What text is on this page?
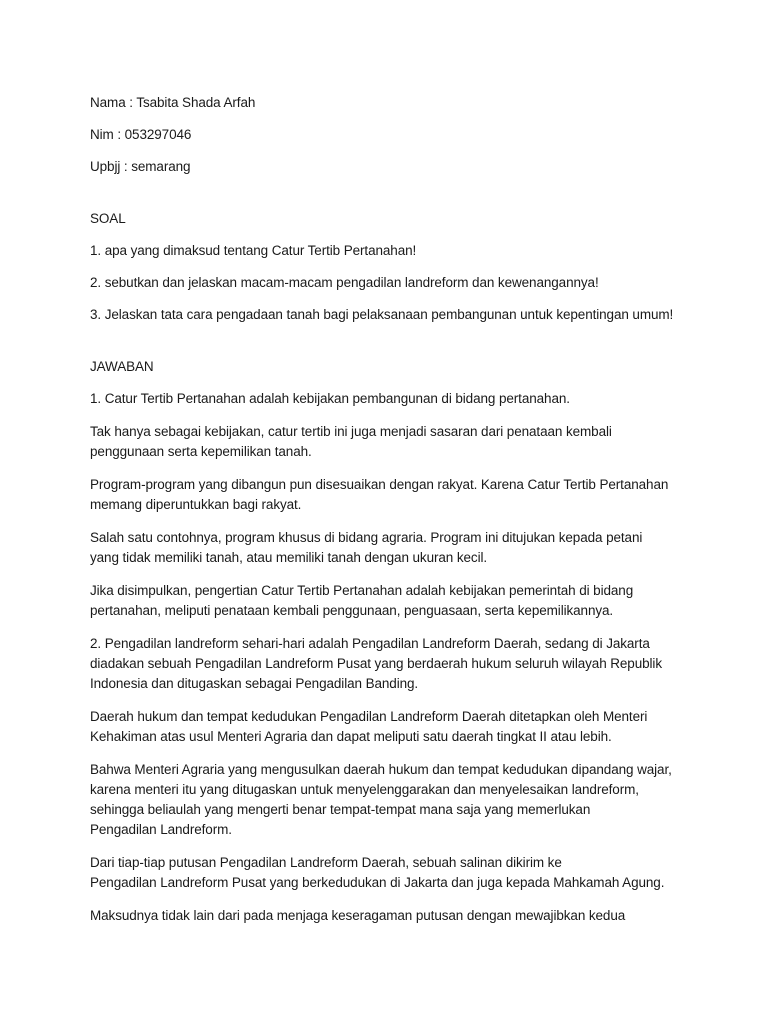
Nama : Tsabita Shada Arfah

Nim : 053297046

Upbjj : semarang

SOAL

1. apa yang dimaksud tentang Catur Tertib Pertanahan!

2. sebutkan dan jelaskan macam-macam pengadilan landreform dan kewenangannya!

3. Jelaskan tata cara pengadaan tanah bagi pelaksanaan pembangunan untuk kepentingan umum!

JAWABAN

1. Catur Tertib Pertanahan adalah kebijakan pembangunan di bidang pertanahan.

Tak hanya sebagai kebijakan, catur tertib ini juga menjadi sasaran dari penataan kembali
penggunaan serta kepemilikan tanah.

Program-program yang dibangun pun disesuaikan dengan rakyat. Karena Catur Tertib Pertanahan
memang diperuntukkan bagi rakyat.

Salah satu contohnya, program khusus di bidang agraria. Program ini ditujukan kepada petani
yang tidak memiliki tanah, atau memiliki tanah dengan ukuran kecil.

Jika disimpulkan, pengertian Catur Tertib Pertanahan adalah kebijakan pemerintah di bidang
pertanahan, meliputi penataan kembali penggunaan, penguasaan, serta kepemilikannya.

2. Pengadilan landreform sehari-hari adalah Pengadilan Landreform Daerah, sedang di Jakarta
diadakan sebuah Pengadilan Landreform Pusat yang berdaerah hukum seluruh wilayah Republik
Indonesia dan ditugaskan sebagai Pengadilan Banding.

Daerah hukum dan tempat kedudukan Pengadilan Landreform Daerah ditetapkan oleh Menteri
Kehakiman atas usul Menteri Agraria dan dapat meliputi satu daerah tingkat II atau lebih.

Bahwa Menteri Agraria yang mengusulkan daerah hukum dan tempat kedudukan dipandang wajar,
karena menteri itu yang ditugaskan untuk menyelenggarakan dan menyelesaikan landreform,
sehingga beliaulah yang mengerti benar tempat-tempat mana saja yang memerlukan
Pengadilan Landreform.

Dari tiap-tiap putusan Pengadilan Landreform Daerah, sebuah salinan dikirim ke
Pengadilan Landreform Pusat yang berkedudukan di Jakarta dan juga kepada Mahkamah Agung.

Maksudnya tidak lain dari pada menjaga keseragaman putusan dengan mewajibkan kedua
